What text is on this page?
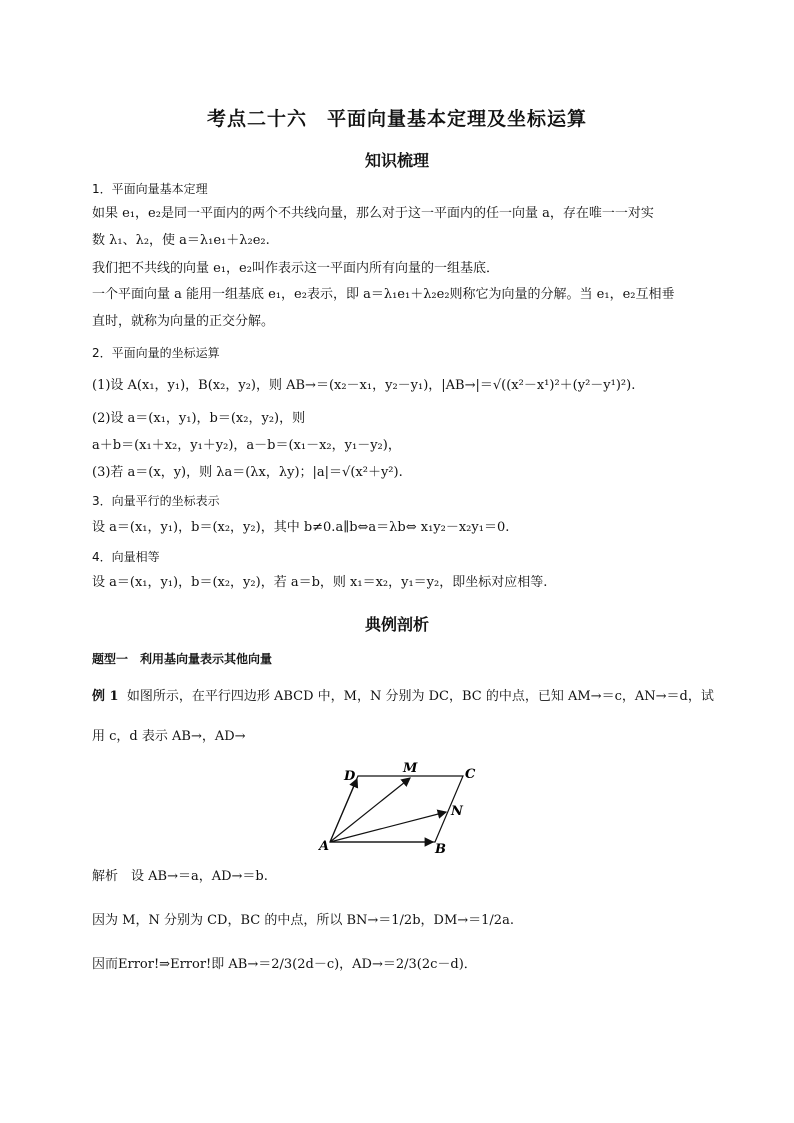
考点二十六　平面向量基本定理及坐标运算
知识梳理
1．平面向量基本定理
如果 e₁，e₂是同一平面内的两个不共线向量，那么对于这一平面内的任一向量 a，存在唯一一对实
数 λ₁、λ₂，使 a＝λ₁e₁＋λ₂e₂.
我们把不共线的向量 e₁，e₂叫作表示这一平面内所有向量的一组基底．
一个平面向量 a 能用一组基底 e₁，e₂表示，即 a＝λ₁e₁＋λ₂e₂则称它为向量的分解。当 e₁，e₂互相垂
直时，就称为向量的正交分解。
2．平面向量的坐标运算
(1)设 A(x₁，y₁)，B(x₂，y₂)，则 AB→＝(x₂－x₁，y₂－y₁)，|AB→|＝√((x²－x¹)²＋(y²－y¹)²).
(2)设 a＝(x₁，y₁)，b＝(x₂，y₂)，则
a＋b＝(x₁＋x₂，y₁＋y₂)，a－b＝(x₁－x₂，y₁－y₂)，
(3)若 a＝(x，y)，则 λa＝(λx，λy)；|a|＝√(x²＋y²).
3．向量平行的坐标表示
设 a＝(x₁，y₁)，b＝(x₂，y₂)，其中 b≠0.a∥b⇔a＝λb⇔ x₁y₂－x₂y₁＝0.
4．向量相等
设 a＝(x₁，y₁)，b＝(x₂，y₂)，若 a＝b，则 x₁＝x₂，y₁＝y₂，即坐标对应相等.
典例剖析
题型一　利用基向量表示其他向量
例 1 如图所示，在平行四边形 ABCD 中，M，N 分别为 DC，BC 的中点，已知 AM→＝c，AN→＝d，试
用 c，d 表示 AB→，AD→
D
M	C
N
A	B
解析　设 AB→＝a，AD→＝b.
因为 M，N 分别为 CD，BC 的中点，所以 BN→＝1/2b，DM→＝1/2a.
因而Error!⇒Error!即 AB→＝2/3(2d－c)，AD→＝2/3(2c－d)．
